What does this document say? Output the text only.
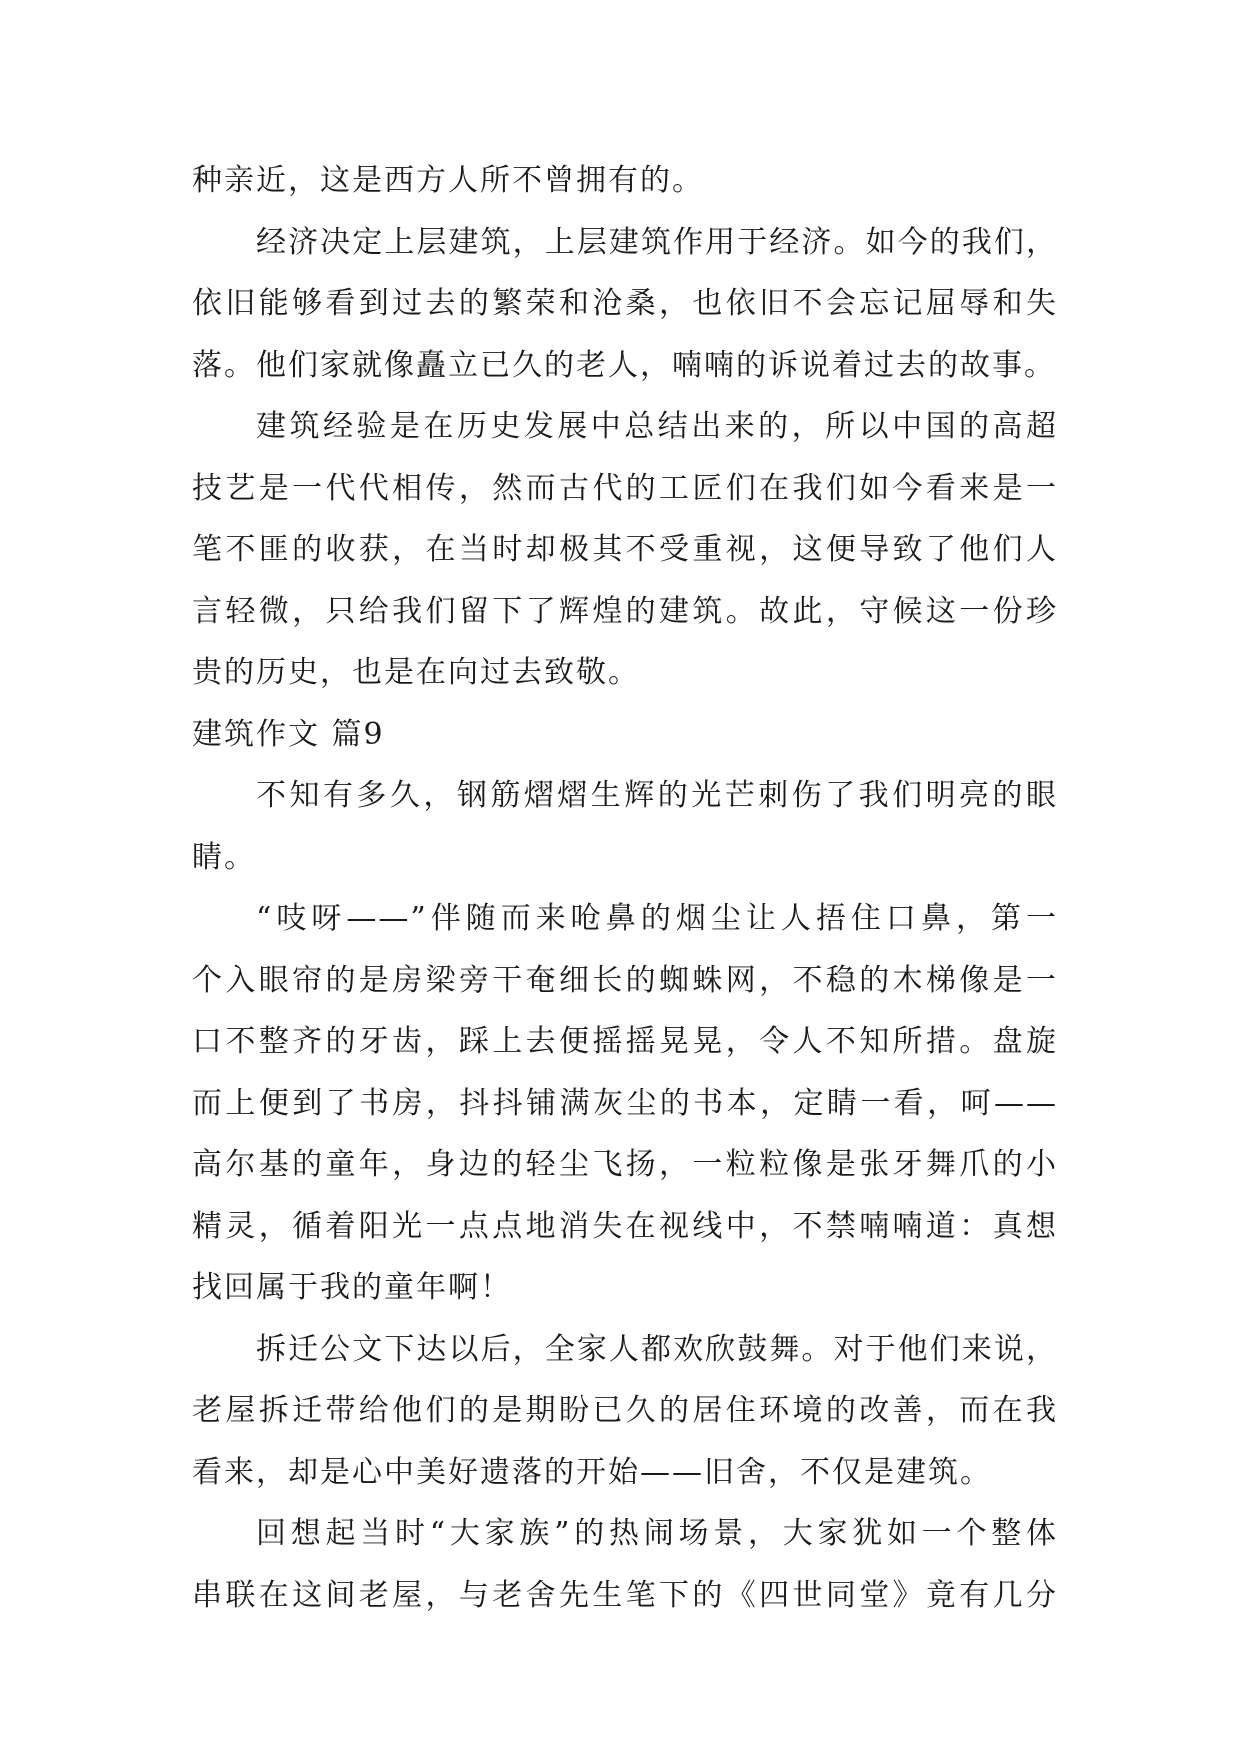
种亲近，这是西方人所不曾拥有的。
经济决定上层建筑，上层建筑作用于经济。如今的我们，
依旧能够看到过去的繁荣和沧桑，也依旧不会忘记屈辱和失
落。他们家就像矗立已久的老人，喃喃的诉说着过去的故事。
建筑经验是在历史发展中总结出来的，所以中国的高超
技艺是一代代相传，然而古代的工匠们在我们如今看来是一
笔不匪的收获，在当时却极其不受重视，这便导致了他们人
言轻微，只给我们留下了辉煌的建筑。故此，守候这一份珍
贵的历史，也是在向过去致敬。
建筑作文 篇9
不知有多久，钢筋熠熠生辉的光芒刺伤了我们明亮的眼
睛。
“吱呀——”伴随而来呛鼻的烟尘让人捂住口鼻，第一
个入眼帘的是房梁旁干奄细长的蜘蛛网，不稳的木梯像是一
口不整齐的牙齿，踩上去便摇摇晃晃，令人不知所措。盘旋
而上便到了书房，抖抖铺满灰尘的书本，定睛一看，呵——
高尔基的童年，身边的轻尘飞扬，一粒粒像是张牙舞爪的小
精灵，循着阳光一点点地消失在视线中，不禁喃喃道：真想
找回属于我的童年啊！
拆迁公文下达以后，全家人都欢欣鼓舞。对于他们来说，
老屋拆迁带给他们的是期盼已久的居住环境的改善，而在我
看来，却是心中美好遗落的开始——旧舍，不仅是建筑。
回想起当时“大家族”的热闹场景，大家犹如一个整体
串联在这间老屋，与老舍先生笔下的《四世同堂》竟有几分
